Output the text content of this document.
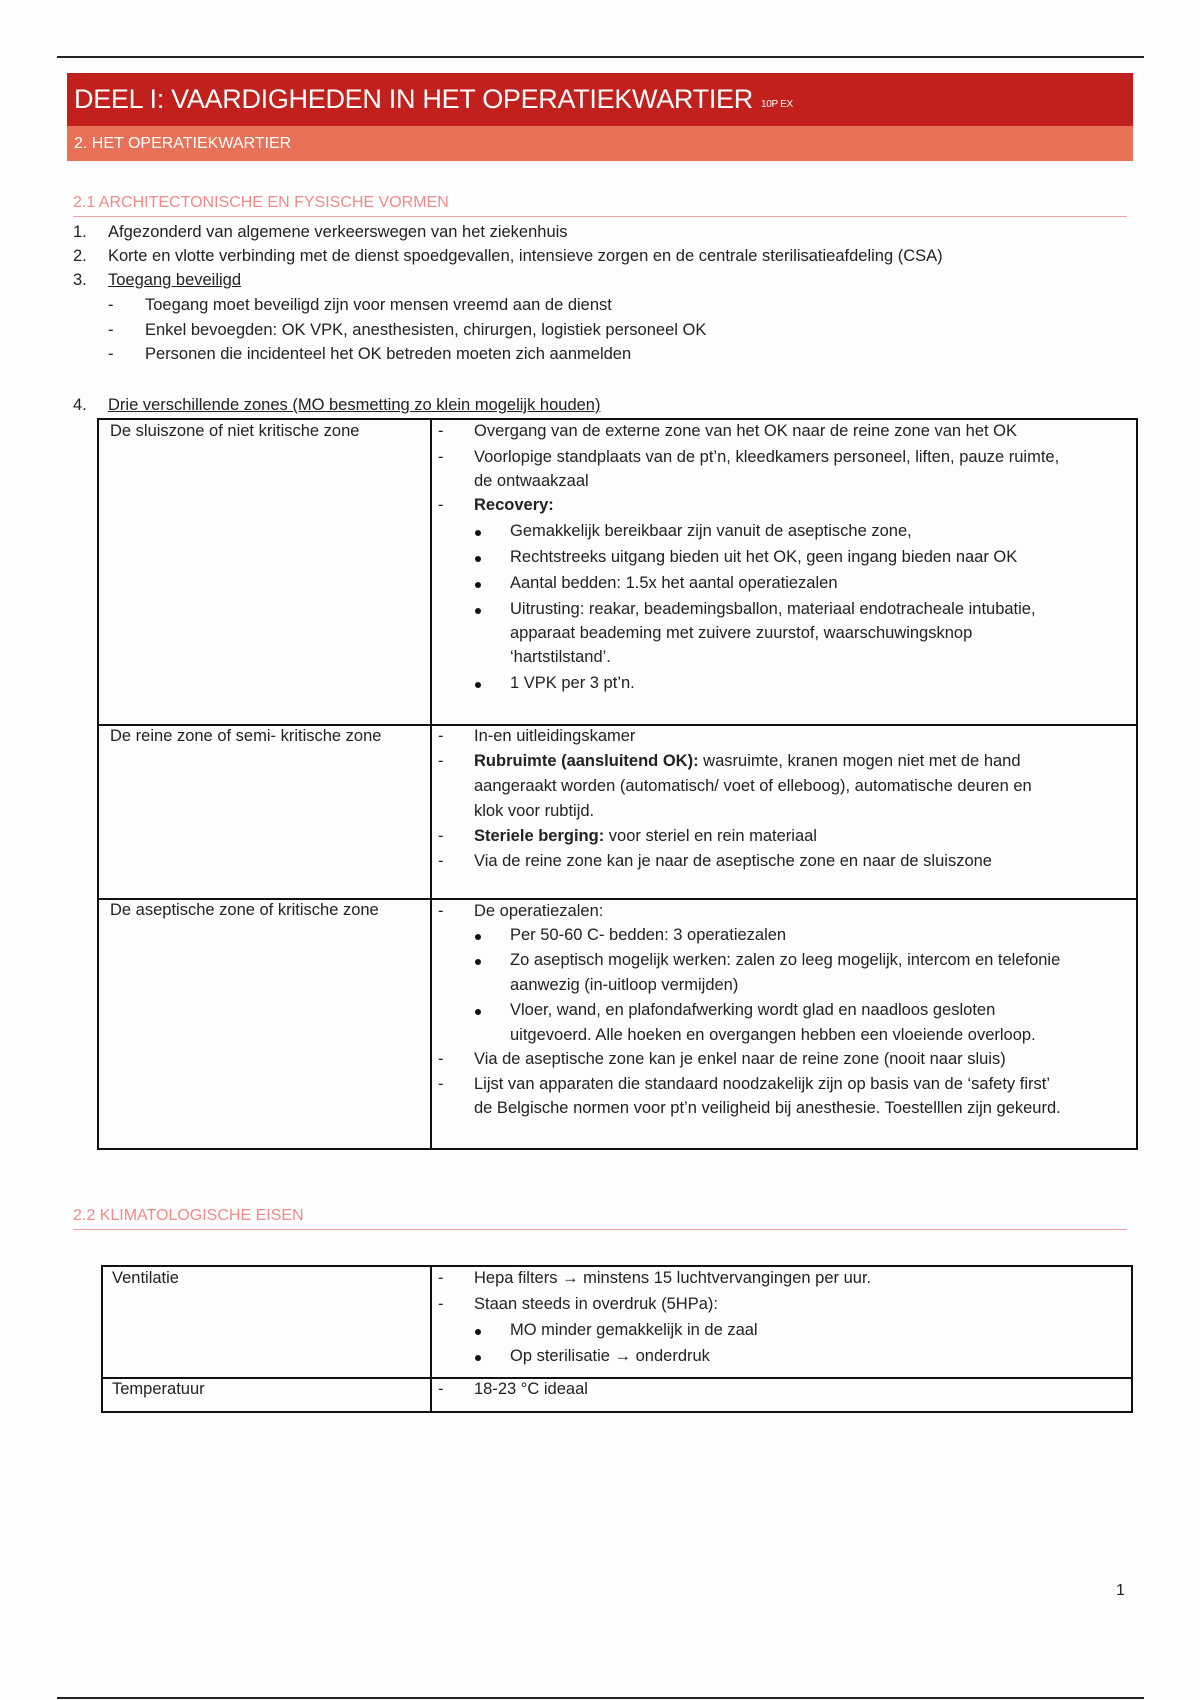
DEEL I: VAARDIGHEDEN IN HET OPERATIEKWARTIER 10P EX
2. HET OPERATIEKWARTIER
2.1 ARCHITECTONISCHE EN FYSISCHE VORMEN
1. Afgezonderd van algemene verkeerswegen van het ziekenhuis
2. Korte en vlotte verbinding met de dienst spoedgevallen, intensieve zorgen en de centrale sterilisatieafdeling (CSA)
3. Toegang beveiligd
- Toegang moet beveiligd zijn voor mensen vreemd aan de dienst
- Enkel bevoegden: OK VPK, anesthesisten, chirurgen, logistiek personeel OK
- Personen die incidenteel het OK betreden moeten zich aanmelden
4. Drie verschillende zones (MO besmetting zo klein mogelijk houden)
De sluiszone of niet kritische zone	- Overgang van de externe zone van het OK naar de reine zone van het OK
- Voorlopige standplaats van de pt’n, kleedkamers personeel, liften, pauze ruimte,
de ontwaakzaal
- Recovery:
Gemakkelijk bereikbaar zijn vanuit de aseptische zone,
Rechtstreeks uitgang bieden uit het OK, geen ingang bieden naar OK
Aantal bedden: 1.5x het aantal operatiezalen
Uitrusting: reakar, beademingsballon, materiaal endotracheale intubatie,
apparaat beademing met zuivere zuurstof, waarschuwingsknop
‘hartstilstand’.
1 VPK per 3 pt’n.
De reine zone of semi- kritische zone	- In-en uitleidingskamer
- Rubruimte (aansluitend OK): wasruimte, kranen mogen niet met de hand
aangeraakt worden (automatisch/ voet of elleboog), automatische deuren en
klok voor rubtijd.
- Steriele berging: voor steriel en rein materiaal
- Via de reine zone kan je naar de aseptische zone en naar de sluiszone
De aseptische zone of kritische zone	- De operatiezalen:
Per 50-60 C- bedden: 3 operatiezalen
Zo aseptisch mogelijk werken: zalen zo leeg mogelijk, intercom en telefonie
aanwezig (in-uitloop vermijden)
Vloer, wand, en plafondafwerking wordt glad en naadloos gesloten
uitgevoerd. Alle hoeken en overgangen hebben een vloeiende overloop.
- Via de aseptische zone kan je enkel naar de reine zone (nooit naar sluis)
- Lijst van apparaten die standaard noodzakelijk zijn op basis van de ‘safety first’
de Belgische normen voor pt’n veiligheid bij anesthesie. Toestelllen zijn gekeurd.
2.2 KLIMATOLOGISCHE EISEN
Ventilatie	- Hepa filters → minstens 15 luchtvervangingen per uur.
- Staan steeds in overdruk (5HPa):
MO minder gemakkelijk in de zaal
Op sterilisatie → onderdruk
Temperatuur	- 18-23 °C ideaal
1
